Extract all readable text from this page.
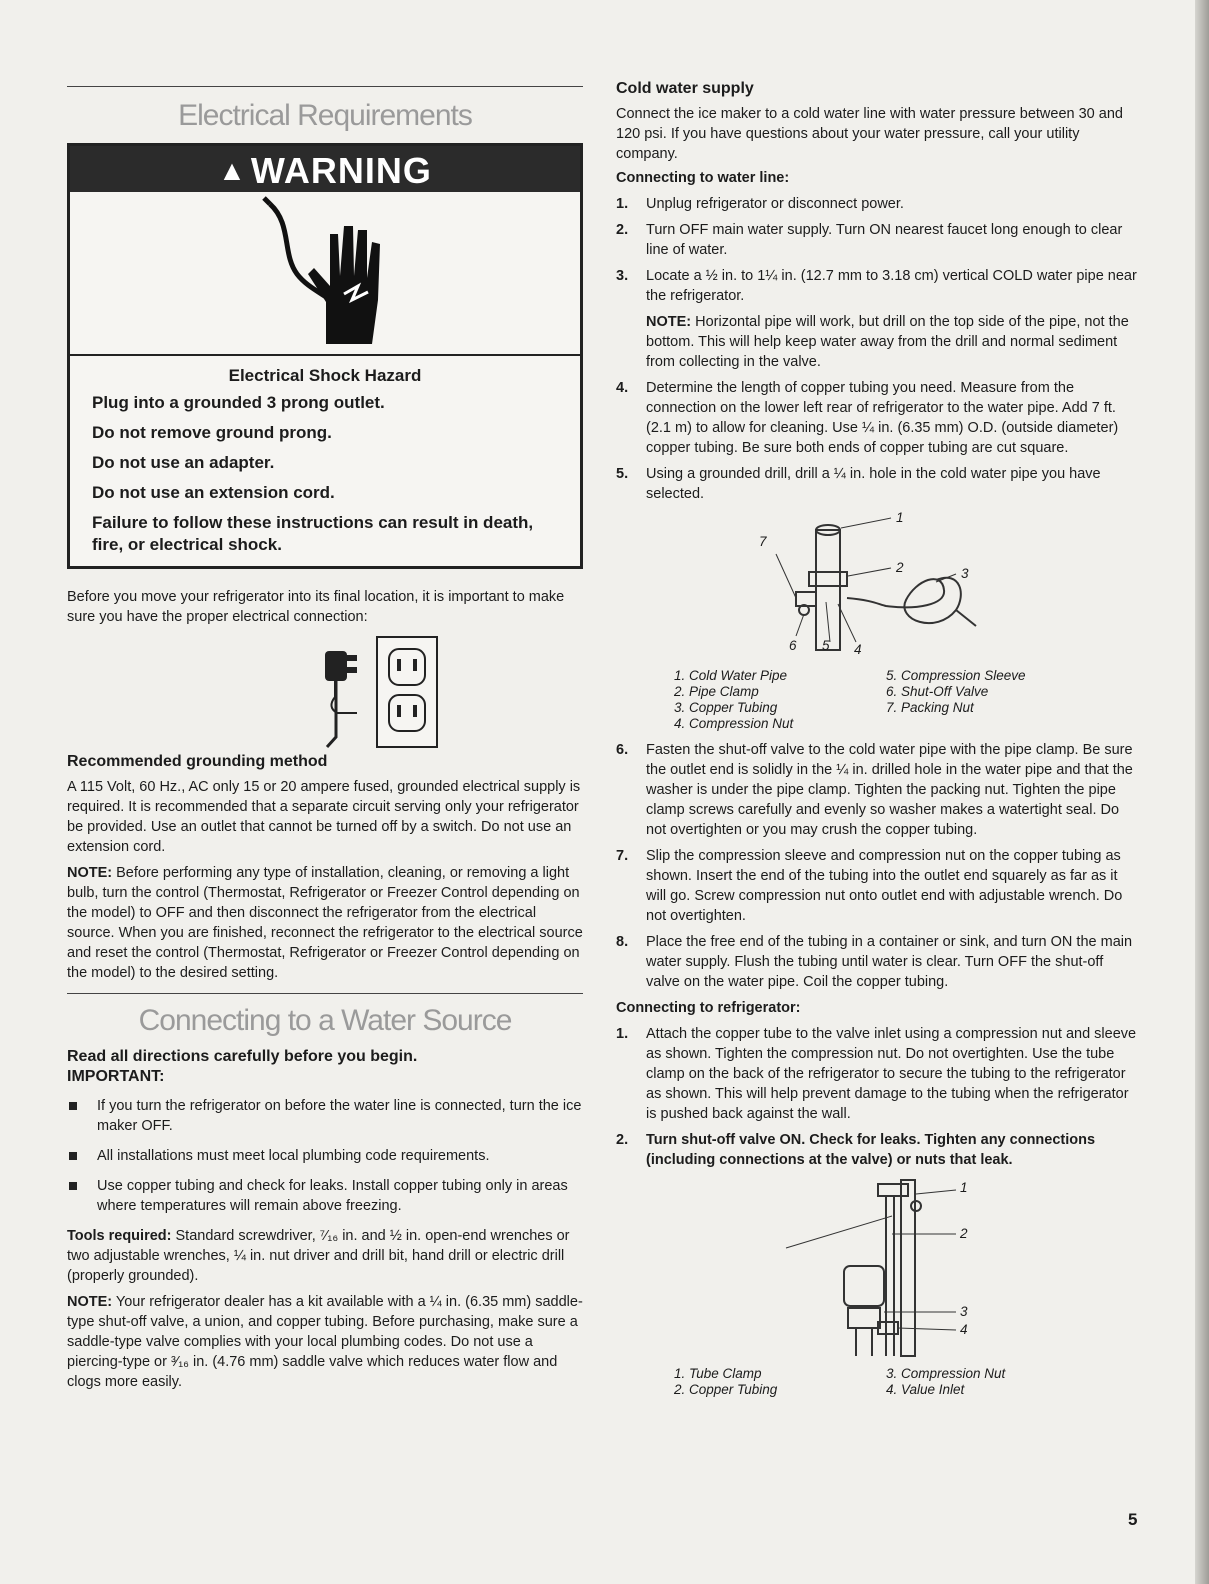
Electrical Requirements
▲ WARNING
Electrical Shock Hazard
Plug into a grounded 3 prong outlet.
Do not remove ground prong.
Do not use an adapter.
Do not use an extension cord.
Failure to follow these instructions can result in death, fire, or electrical shock.

Before you move your refrigerator into its final location, it is important to make sure you have the proper electrical connection:

Recommended grounding method

A 115 Volt, 60 Hz., AC only 15 or 20 ampere fused, grounded electrical supply is required. It is recommended that a separate circuit serving only your refrigerator be provided. Use an outlet that cannot be turned off by a switch. Do not use an extension cord.

NOTE: Before performing any type of installation, cleaning, or removing a light bulb, turn the control (Thermostat, Refrigerator or Freezer Control depending on the model) to OFF and then disconnect the refrigerator from the electrical source. When you are finished, reconnect the refrigerator to the electrical source and reset the control (Thermostat, Refrigerator or Freezer Control depending on the model) to the desired setting.

Connecting to a Water Source

Read all directions carefully before you begin.

IMPORTANT:

If you turn the refrigerator on before the water line is connected, turn the ice maker OFF.
All installations must meet local plumbing code requirements.
Use copper tubing and check for leaks. Install copper tubing only in areas where temperatures will remain above freezing.

Tools required: Standard screwdriver, ⁷⁄₁₆ in. and ½ in. open-end wrenches or two adjustable wrenches, ¼ in. nut driver and drill bit, hand drill or electric drill (properly grounded).

NOTE: Your refrigerator dealer has a kit available with a ¼ in. (6.35 mm) saddle-type shut-off valve, a union, and copper tubing. Before purchasing, make sure a saddle-type valve complies with your local plumbing codes. Do not use a piercing-type or ³⁄₁₆ in. (4.76 mm) saddle valve which reduces water flow and clogs more easily.

Cold water supply

Connect the ice maker to a cold water line with water pressure between 30 and 120 psi. If you have questions about your water pressure, call your utility company.

Connecting to water line:

1. Unplug refrigerator or disconnect power.
2. Turn OFF main water supply. Turn ON nearest faucet long enough to clear line of water.
3. Locate a ½ in. to 1¼ in. (12.7 mm to 3.18 cm) vertical COLD water pipe near the refrigerator.
NOTE: Horizontal pipe will work, but drill on the top side of the pipe, not the bottom. This will help keep water away from the drill and normal sediment from collecting in the valve.
4. Determine the length of copper tubing you need. Measure from the connection on the lower left rear of refrigerator to the water pipe. Add 7 ft. (2.1 m) to allow for cleaning. Use ¼ in. (6.35 mm) O.D. (outside diameter) copper tubing. Be sure both ends of copper tubing are cut square.
5. Using a grounded drill, drill a ¼ in. hole in the cold water pipe you have selected.
1
2	3
4
5
6
7
1. Cold Water Pipe
2. Pipe Clamp
3. Copper Tubing
4. Compression Nut
5. Compression Sleeve
6. Shut-Off Valve
7. Packing Nut
6. Fasten the shut-off valve to the cold water pipe with the pipe clamp. Be sure the outlet end is solidly in the ¼ in. drilled hole in the water pipe and that the washer is under the pipe clamp. Tighten the packing nut. Tighten the pipe clamp screws carefully and evenly so washer makes a watertight seal. Do not overtighten or you may crush the copper tubing.
7. Slip the compression sleeve and compression nut on the copper tubing as shown. Insert the end of the tubing into the outlet end squarely as far as it will go. Screw compression nut onto outlet end with adjustable wrench. Do not overtighten.
8. Place the free end of the tubing in a container or sink, and turn ON the main water supply. Flush the tubing until water is clear. Turn OFF the shut-off valve on the water pipe. Coil the copper tubing.

Connecting to refrigerator:

1. Attach the copper tube to the valve inlet using a compression nut and sleeve as shown. Tighten the compression nut. Do not overtighten. Use the tube clamp on the back of the refrigerator to secure the tubing to the refrigerator as shown. This will help prevent damage to the tubing when the refrigerator is pushed back against the wall.
2. Turn shut-off valve ON. Check for leaks. Tighten any connections (including connections at the valve) or nuts that leak.
1
2
3
4
1. Tube Clamp
2. Copper Tubing
3. Compression Nut
4. Value Inlet
5
